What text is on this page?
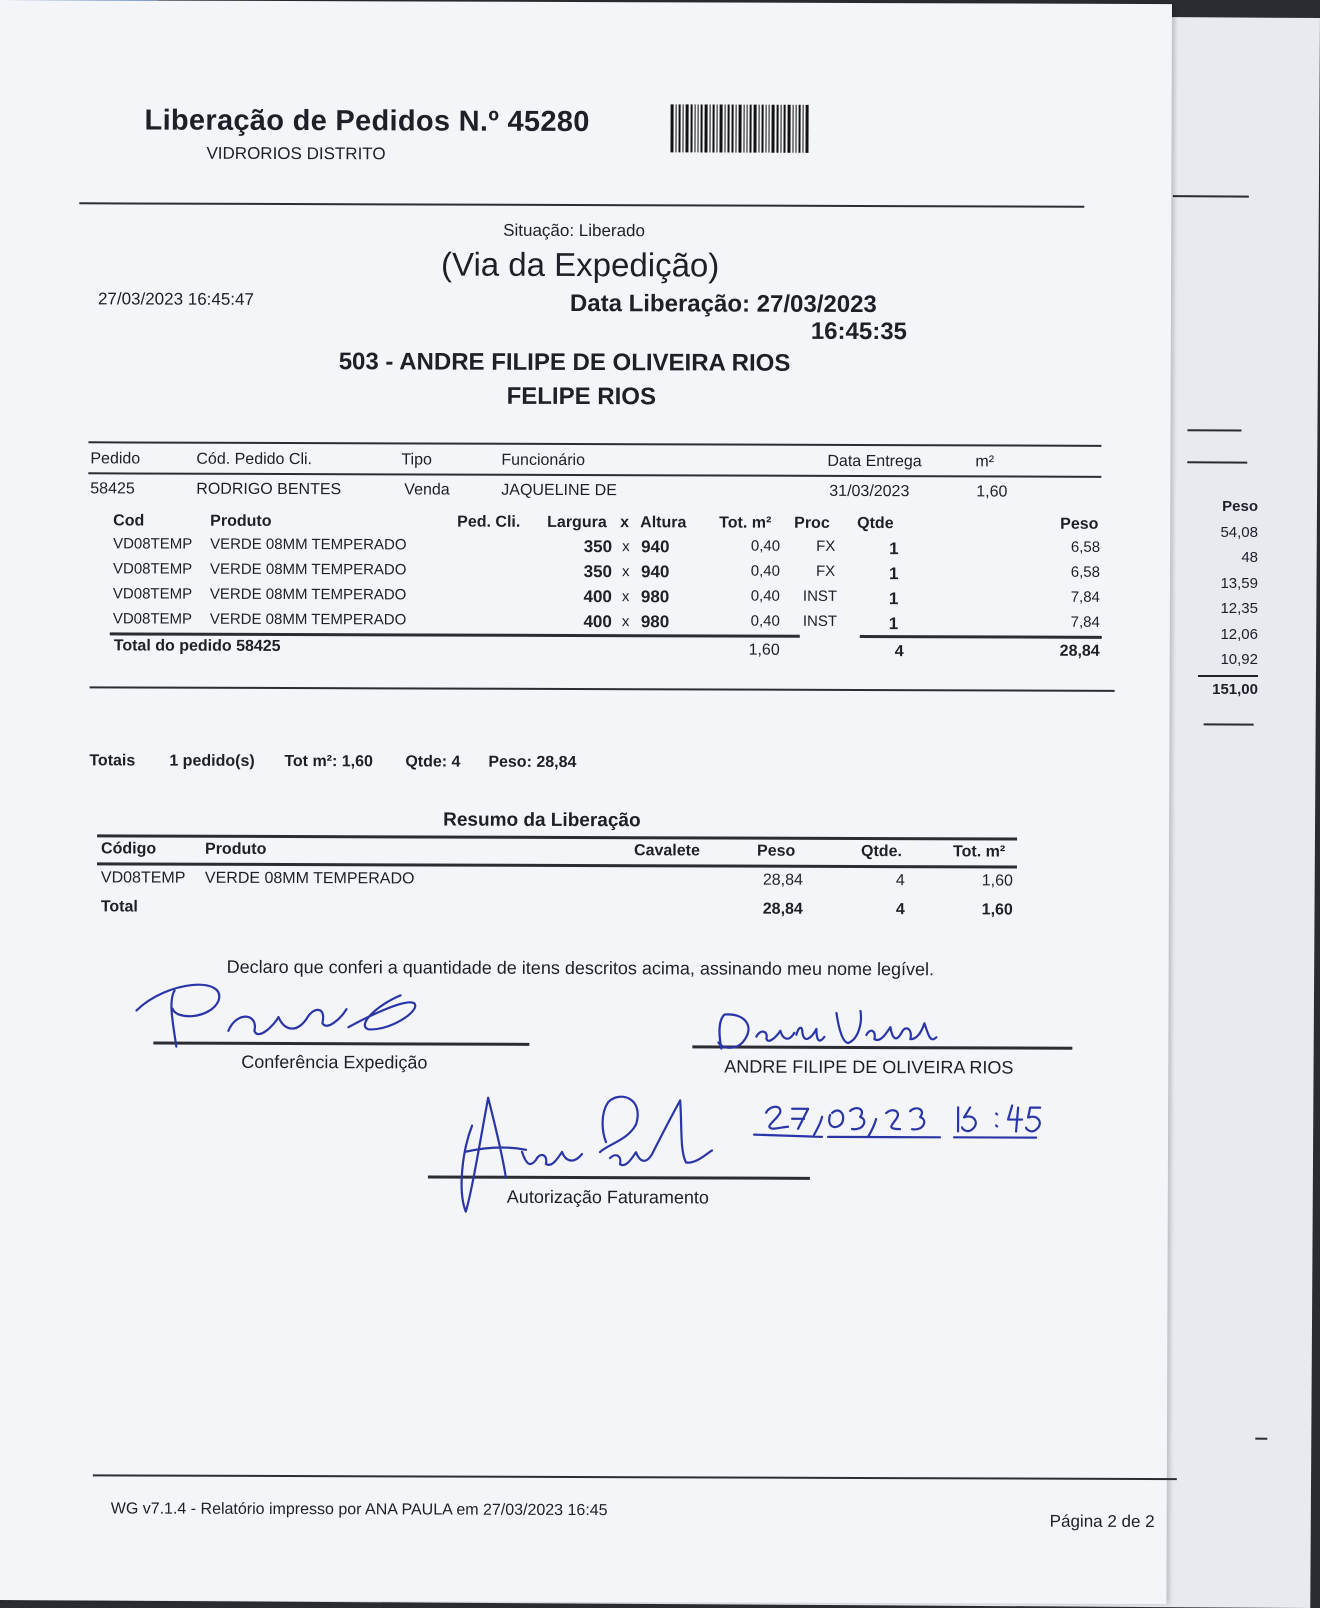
Peso
54,08
48
13,59
12,35
12,06
10,92
151,00
Liberação de Pedidos N.º 45280
VIDRORIOS DISTRITO
Situação: Liberado
(Via da Expedição)
27/03/2023 16:45:47	Data Liberação: 27/03/2023
16:45:35
503 - ANDRE FILIPE DE OLIVEIRA RIOS
FELIPE RIOS
Pedido	Cód. Pedido Cli.	Tipo	Funcionário	Data Entrega	m²
58425	RODRIGO BENTES	Venda	JAQUELINE DE	31/03/2023	1,60
Cod	Produto	Ped. Cli. Largura x Altura Tot. m² Proc Qtde	Peso
VD08TEMP VERDE 08MM TEMPERADO	350 x 940	0,40 FX	1	6,58
VD08TEMP VERDE 08MM TEMPERADO	350 x 940	0,40 FX	1	6,58
VD08TEMP VERDE 08MM TEMPERADO	400 x 980	0,40 INST	1	7,84
VD08TEMP VERDE 08MM TEMPERADO	400 x 980	0,40 INST	1	7,84
Total do pedido 58425	1,60	4	28,84
Totais 1 pedido(s) Tot m²: 1,60 Qtde: 4 Peso: 28,84
Resumo da Liberação
Código	Produto	Cavalete	Peso	Qtde.	Tot. m²
VD08TEMP VERDE 08MM TEMPERADO	28,84	4	1,60
Total	28,84	4	1,60
Declaro que conferi a quantidade de itens descritos acima, assinando meu nome legível.
Conferência Expedição	ANDRE FILIPE DE OLIVEIRA RIOS
Autorização Faturamento
WG v7.1.4 - Relatório impresso por ANA PAULA em 27/03/2023 16:45
Página 2 de 2
